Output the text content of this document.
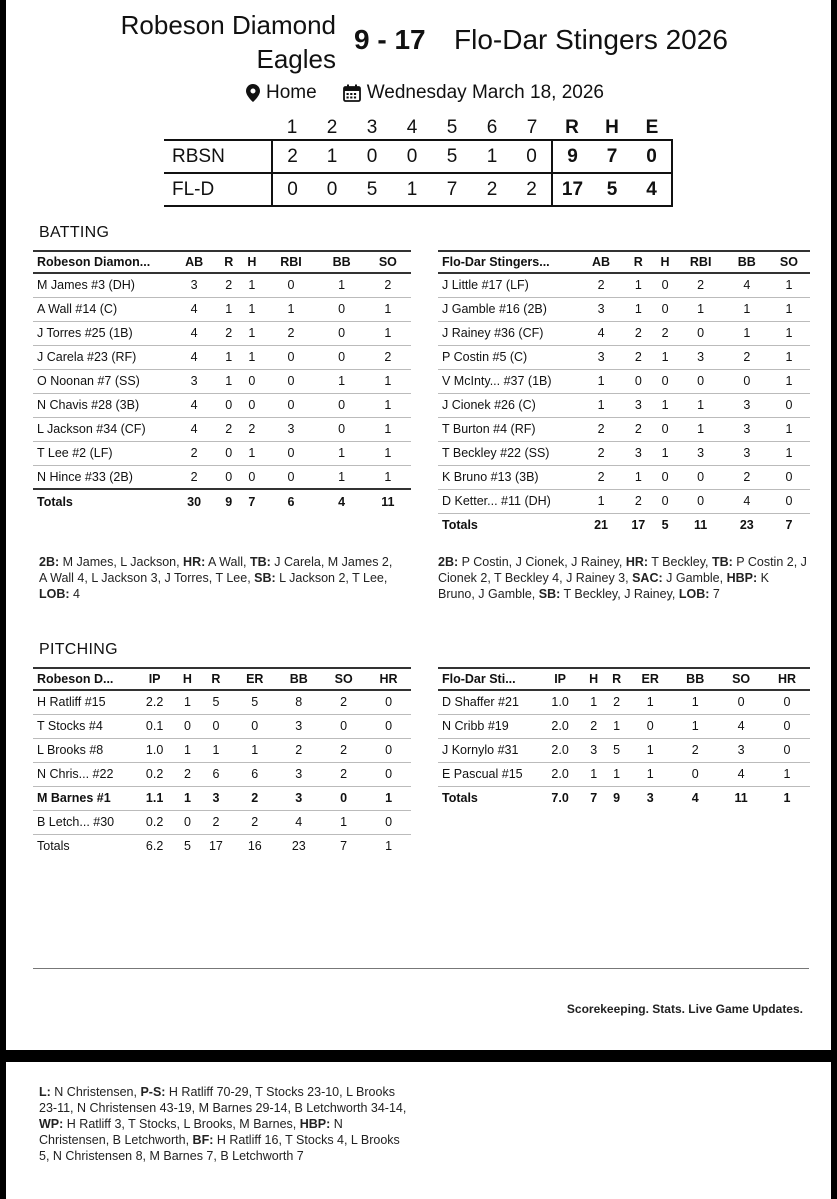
Robeson Diamond Eagles
9 - 17 Flo-Dar Stingers 2026
Home	Wednesday March 18, 2026
	1	2	3	4	5	6	7	R	H	E
RBSN	2	1	0	0	5	1	0	9	7	0
FL-D	0	0	5	1	7	2	2	17	5	4
BATTING
Robeson Diamon...	AB	R	H	RBI	BB	SO
M James #3 (DH)	3	2	1	0	1	2
A Wall #14 (C)	4	1	1	1	0	1
J Torres #25 (1B)	4	2	1	2	0	1
J Carela #23 (RF)	4	1	1	0	0	2
O Noonan #7 (SS)	3	1	0	0	1	1
N Chavis #28 (3B)	4	0	0	0	0	1
L Jackson #34 (CF)	4	2	2	3	0	1
T Lee #2 (LF)	2	0	1	0	1	1
N Hince #33 (2B)	2	0	0	0	1	1
Totals	30	9	7	6	4	11
Flo-Dar Stingers...	AB	R	H	RBI	BB	SO
J Little #17 (LF)	2	1	0	2	4	1
J Gamble #16 (2B)	3	1	0	1	1	1
J Rainey #36 (CF)	4	2	2	0	1	1
P Costin #5 (C)	3	2	1	3	2	1
V McInty... #37 (1B)	1	0	0	0	0	1
J Cionek #26 (C)	1	3	1	1	3	0
T Burton #4 (RF)	2	2	0	1	3	1
T Beckley #22 (SS)	2	3	1	3	3	1
K Bruno #13 (3B)	2	1	0	0	2	0
D Ketter... #11 (DH)	1	2	0	0	4	0
Totals	21	17	5	11	23	7
2B: M James, L Jackson, HR: A Wall, TB: J Carela, M James 2, A Wall 4, L Jackson 3, J Torres, T Lee, SB: L Jackson 2, T Lee, LOB: 4
2B: P Costin, J Cionek, J Rainey, HR: T Beckley, TB: P Costin 2, J Cionek 2, T Beckley 4, J Rainey 3, SAC: J Gamble, HBP: K Bruno, J Gamble, SB: T Beckley, J Rainey, LOB: 7
PITCHING
Robeson D...	IP	H	R	ER	BB	SO	HR
H Ratliff #15	2.2	1	5	5	8	2	0
T Stocks #4	0.1	0	0	0	3	0	0
L Brooks #8	1.0	1	1	1	2	2	0
N Chris... #22	0.2	2	6	6	3	2	0
M Barnes #1	1.1	1	3	2	3	0	1
B Letch... #30	0.2	0	2	2	4	1	0
Totals	6.2	5	17	16	23	7	1
Flo-Dar Sti...	IP	H	R	ER	BB	SO	HR
D Shaffer #21	1.0	1	2	1	1	0	0
N Cribb #19	2.0	2	1	0	1	4	0
J Kornylo #31	2.0	3	5	1	2	3	0
E Pascual #15	2.0	1	1	1	0	4	1
Totals	7.0	7	9	3	4	11	1
Scorekeeping. Stats. Live Game Updates.
L: N Christensen, P-S: H Ratliff 70-29, T Stocks 23-10, L Brooks 23-11, N Christensen 43-19, M Barnes 29-14, B Letchworth 34-14, WP: H Ratliff 3, T Stocks, L Brooks, M Barnes, HBP: N Christensen, B Letchworth, BF: H Ratliff 16, T Stocks 4, L Brooks 5, N Christensen 8, M Barnes 7, B Letchworth 7
